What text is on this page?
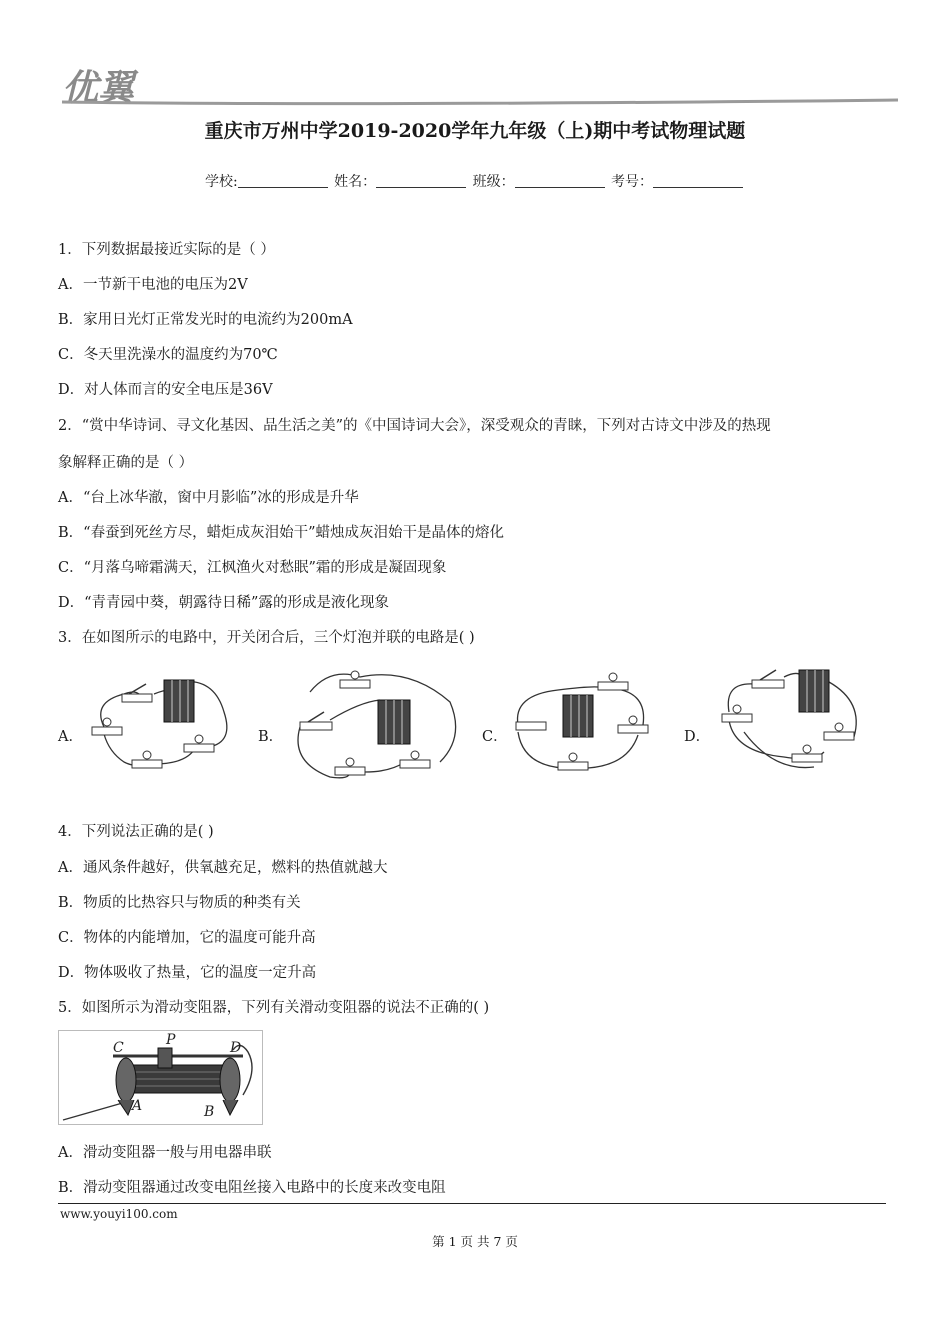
优翼
重庆市万州中学2019-2020学年九年级（上)期中考试物理试题
学校:	姓名：	班级：	考号：
1．下列数据最接近实际的是（ ）
A．一节新干电池的电压为2V
B．家用日光灯正常发光时的电流约为200mA
C．冬天里洗澡水的温度约为70℃
D．对人体而言的安全电压是36V
2．“赏中华诗词、寻文化基因、品生活之美”的《中国诗词大会》，深受观众的青睐，下列对古诗文中涉及的热现
象解释正确的是（ ）
A．“台上冰华澈，窗中月影临”冰的形成是升华
B．“春蚕到死丝方尽，蜡炬成灰泪始干”蜡烛成灰泪始干是晶体的熔化
C．“月落乌啼霜满天，江枫渔火对愁眠”霜的形成是凝固现象
D．“青青园中葵，朝露待日稀”露的形成是液化现象
3．在如图所示的电路中，开关闭合后，三个灯泡并联的电路是( )
A．	B．	C．	D．
4．下列说法正确的是( )
A．通风条件越好，供氧越充足，燃料的热值就越大
B．物质的比热容只与物质的种类有关
C．物体的内能增加，它的温度可能升高
D．物体吸收了热量，它的温度一定升高
5．如图所示为滑动变阻器，下列有关滑动变阻器的说法不正确的( )
C	P	D
A	B
A．滑动变阻器一般与用电器串联
B．滑动变阻器通过改变电阻丝接入电路中的长度来改变电阻
www.youyi100.com
第 1 页 共 7 页
